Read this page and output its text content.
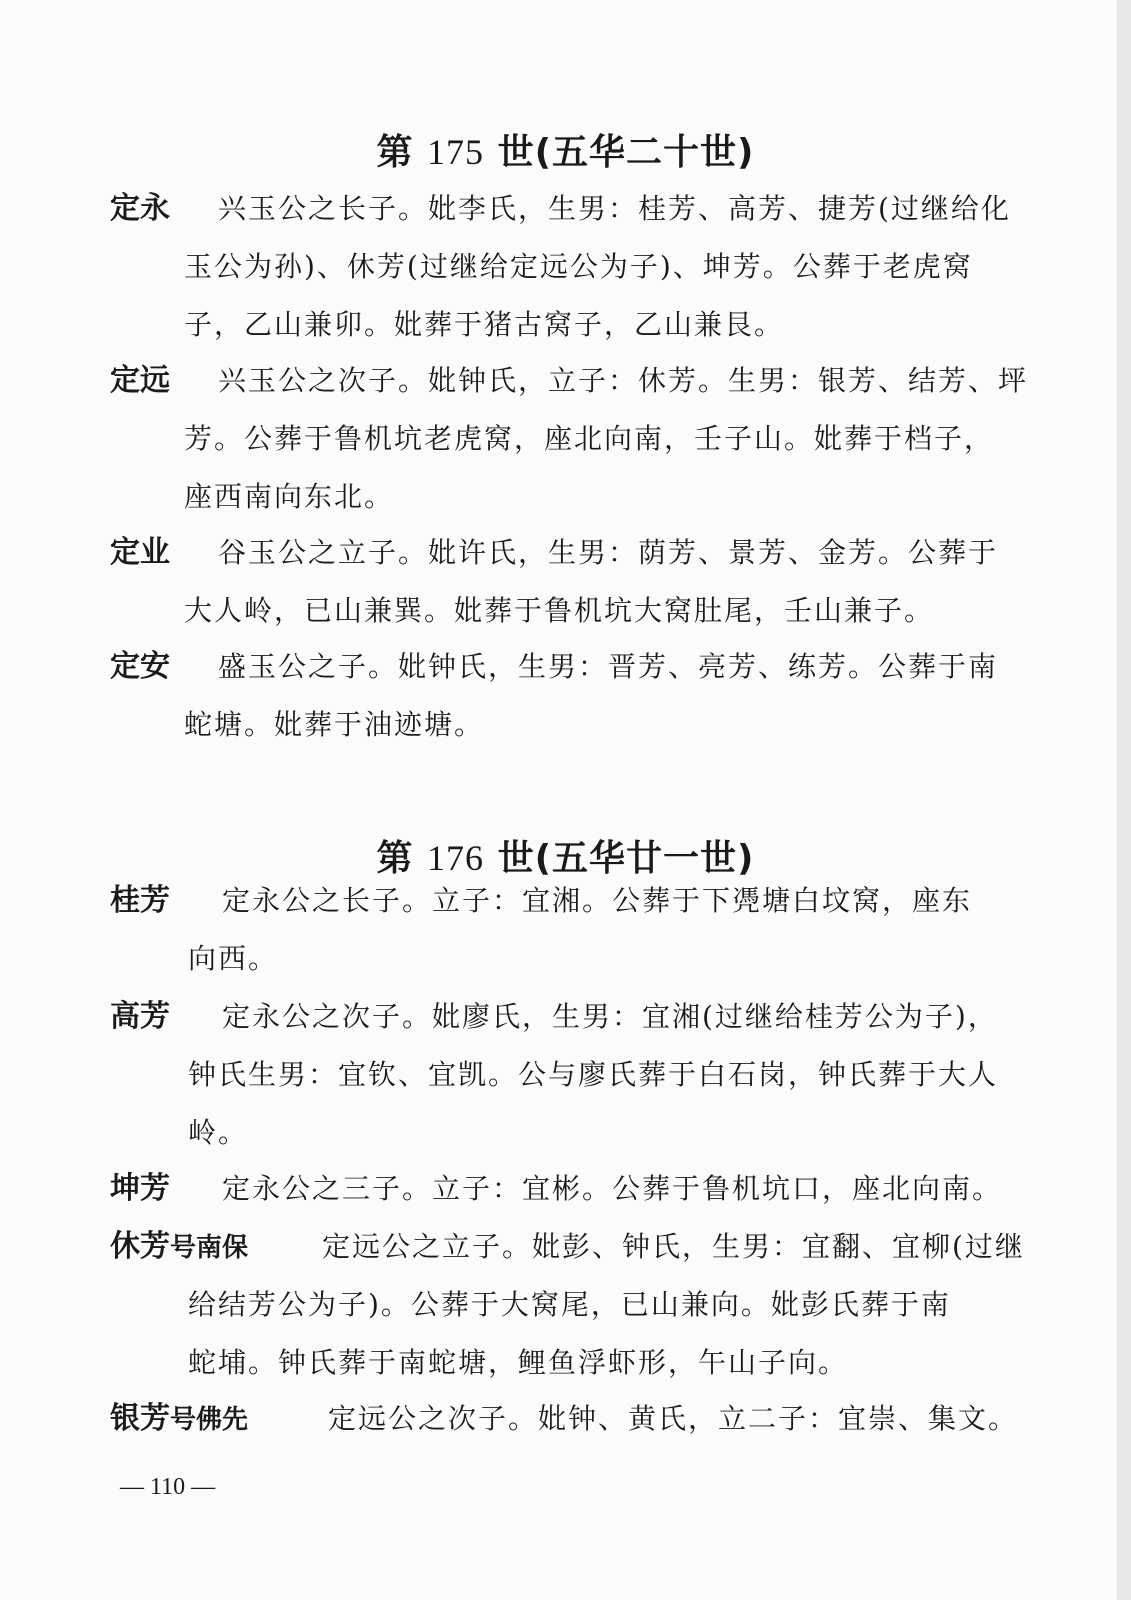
第 175 世(五华二十世)
定永 兴玉公之长子。妣李氏，生男：桂芳、高芳、捷芳(过继给化
玉公为孙)、休芳(过继给定远公为子)、坤芳。公葬于老虎窝
子，乙山兼卯。妣葬于猪古窝子，乙山兼艮。
定远 兴玉公之次子。妣钟氏，立子：休芳。生男：银芳、结芳、坪
芳。公葬于鲁机坑老虎窝，座北向南，壬子山。妣葬于档子，
座西南向东北。
定业 谷玉公之立子。妣许氏，生男：荫芳、景芳、金芳。公葬于
大人岭，已山兼巽。妣葬于鲁机坑大窝肚尾，壬山兼子。
定安 盛玉公之子。妣钟氏，生男：晋芳、亮芳、练芳。公葬于南
蛇塘。妣葬于油迹塘。
第 176 世(五华廿一世)
桂芳 定永公之长子。立子：宜湘。公葬于下凴塘白坟窝，座东
向西。
高芳 定永公之次子。妣廖氏，生男：宜湘(过继给桂芳公为子)，
钟氏生男：宜钦、宜凯。公与廖氏葬于白石岗，钟氏葬于大人
岭。
坤芳 定永公之三子。立子：宜彬。公葬于鲁机坑口，座北向南。
休芳号南保	定远公之立子。妣彭、钟氏，生男：宜翻、宜柳(过继
给结芳公为子)。公葬于大窝尾，已山兼向。妣彭氏葬于南
蛇埔。钟氏葬于南蛇塘，鲤鱼浮虾形，午山子向。
银芳号佛先	定远公之次子。妣钟、黄氏，立二子：宜崇、集文。
— 110 —
